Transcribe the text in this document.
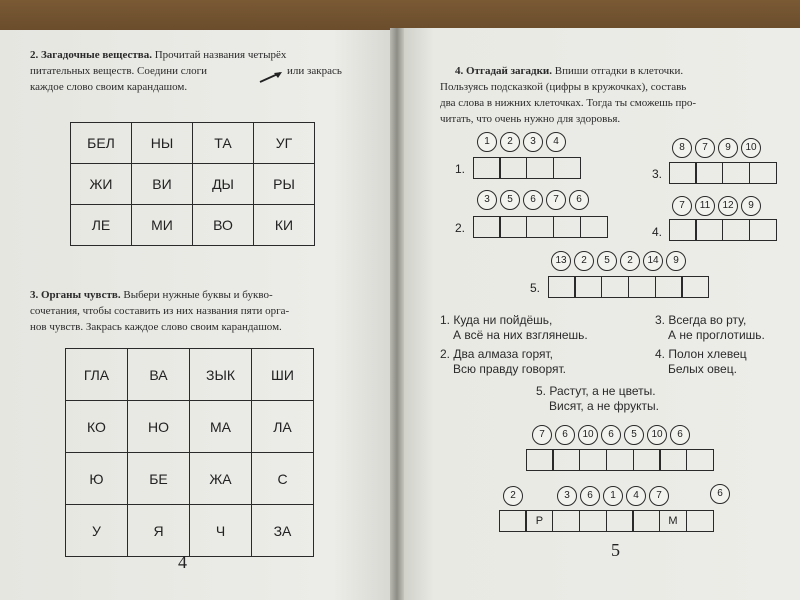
2. Загадочные вещества. Прочитай названия четырёх
питательных веществ. Соедини слоги	или закрась
каждое слово своим карандашом.
БЕЛ	НЫ	ТА	УГ
ЖИ	ВИ	ДЫ	РЫ
ЛЕ	МИ	ВО	КИ
3. Органы чувств. Выбери нужные буквы и букво-
сочетания, чтобы составить из них названия пяти орга-
нов чувств. Закрась каждое слово своим карандашом.
ГЛА	ВА	ЗЫК	ШИ
КО	НО	МА	ЛА
Ю	БЕ	ЖА	С
У	Я	Ч	ЗА
4
4. Отгадай загадки. Впиши отгадки в клеточки.
Пользуясь подсказкой (цифры в кружочках), составь
два слова в нижних клеточках. Тогда ты сможешь про-
читать, что очень нужно для здоровья.
1	2	3	4
1.
8	7	9	10
3.
3	5	6	7	6
2.
7	11	12	9
4.
13	2	5	2	14	9
5.
1. Куда ни пойдёшь,
А всё на них взглянешь.
2. Два алмаза горят,
Всю правду говорят.
3. Всегда во рту,
А не проглотишь.
4. Полон хлевец
Белых овец.
5. Растут, а не цветы.
Висят, а не фрукты.
7	6	10	6	5	10	6
2	3	6	1	4	7	6
Р	М
5
